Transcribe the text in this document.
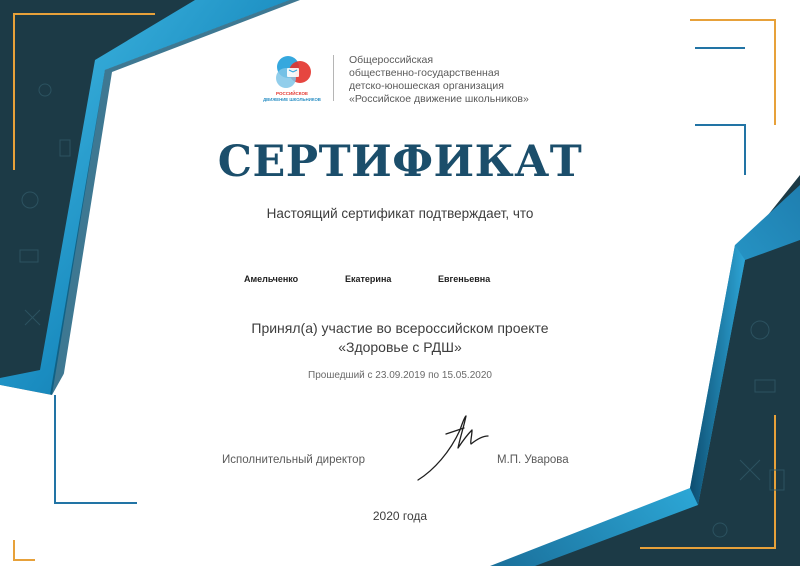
РОССИЙСКОЕ
ДВИЖЕНИЕ ШКОЛЬНИКОВ
Общероссийская
общественно-государственная
детско-юношеская организация
«Российское движение школьников»
СЕРТИФИКАТ
Настоящий сертификат подтверждает, что
Амельченко	Екатерина	Евгеньевна
Принял(а) участие во всероссийском проекте
«Здоровье с РДШ»
Прошедший с 23.09.2019 по 15.05.2020
Исполнительный директор	М.П. Уварова
2020 года
